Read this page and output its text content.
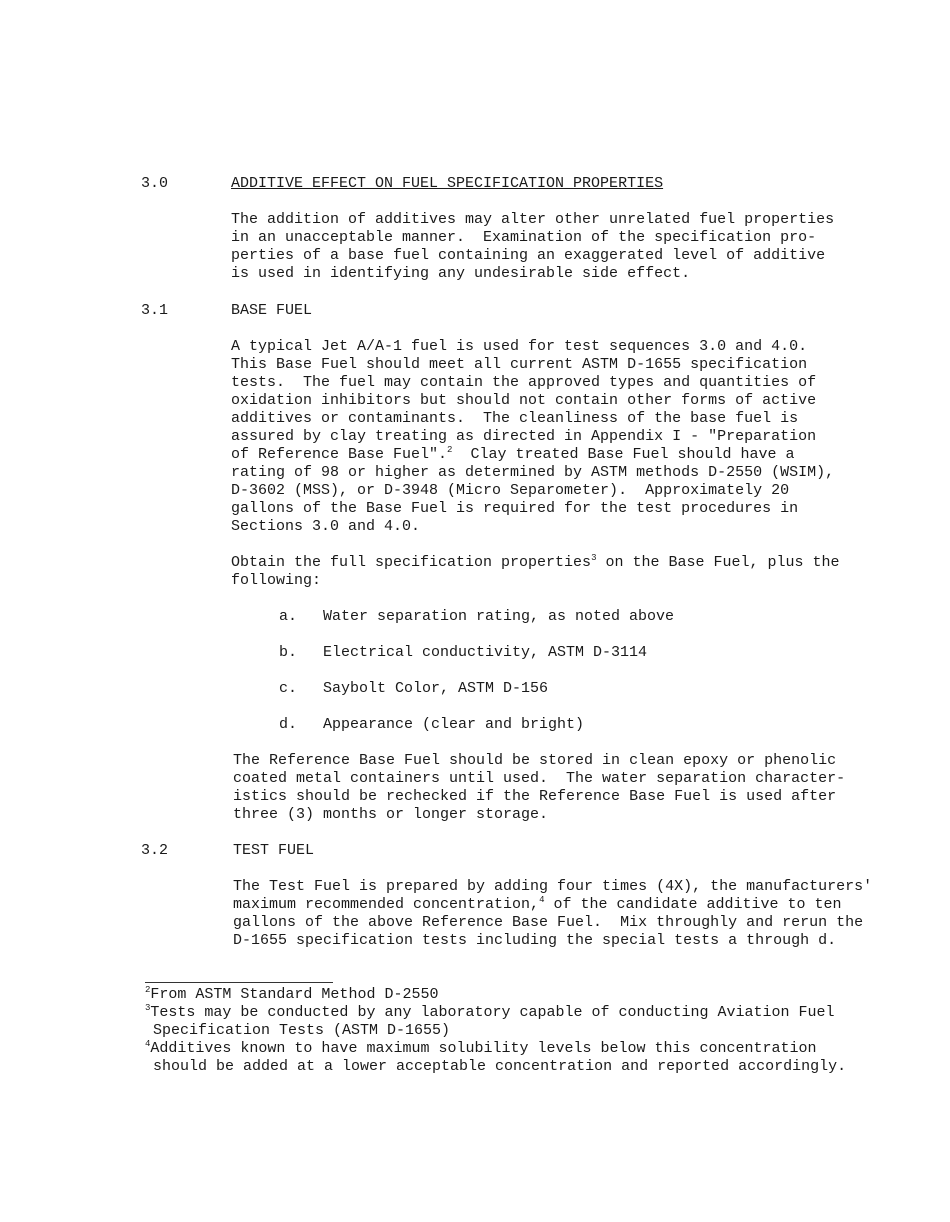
3.0	ADDITIVE EFFECT ON FUEL SPECIFICATION PROPERTIES
The addition of additives may alter other unrelated fuel properties
in an unacceptable manner.  Examination of the specification pro-
perties of a base fuel containing an exaggerated level of additive
is used in identifying any undesirable side effect.
3.1	BASE FUEL
A typical Jet A/A-1 fuel is used for test sequences 3.0 and 4.0.
This Base Fuel should meet all current ASTM D-1655 specification
tests.  The fuel may contain the approved types and quantities of
oxidation inhibitors but should not contain other forms of active
additives or contaminants.  The cleanliness of the base fuel is
assured by clay treating as directed in Appendix I - "Preparation
of Reference Base Fuel".$^2$  Clay treated Base Fuel should have a
rating of 98 or higher as determined by ASTM methods D-2550 (WSIM),
D-3602 (MSS), or D-3948 (Micro Separometer).  Approximately 20
gallons of the Base Fuel is required for the test procedures in
Sections 3.0 and 4.0.
Obtain the full specification properties$^3$ on the Base Fuel, plus the
following:
a. Water separation rating, as noted above
b. Electrical conductivity, ASTM D-3114
c. Saybolt Color, ASTM D-156
d. Appearance (clear and bright)
The Reference Base Fuel should be stored in clean epoxy or phenolic
coated metal containers until used.  The water separation character-
istics should be rechecked if the Reference Base Fuel is used after
three (3) months or longer storage.
3.2	TEST FUEL
The Test Fuel is prepared by adding four times (4X), the manufacturers'
maximum recommended concentration,$^4$ of the candidate additive to ten
gallons of the above Reference Base Fuel.  Mix throughly and rerun the
D-1655 specification tests including the special tests a through d.
$^2$From ASTM Standard Method D-2550
$^3$Tests may be conducted by any laboratory capable of conducting Aviation Fuel
Specification Tests (ASTM D-1655)
$^4$Additives known to have maximum solubility levels below this concentration
should be added at a lower acceptable concentration and reported accordingly.
